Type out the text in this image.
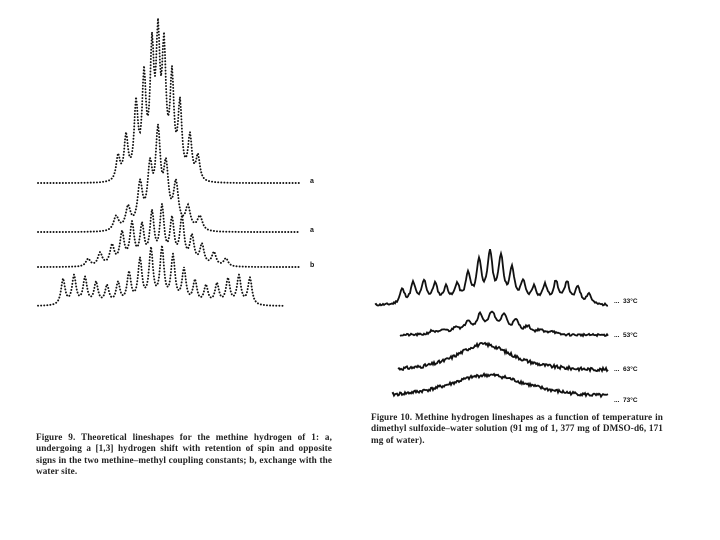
a
a
b
... 33°C
... 53°C
... 63°C
... 73°C
Figure 9. Theoretical lineshapes for the methine hydrogen of 1: a, undergoing a [1,3] hydrogen shift with retention of spin and opposite signs in the two methine–methyl coupling constants; b, exchange with the water site.
Figure 10. Methine hydrogen lineshapes as a function of temperature in dimethyl sulfoxide–water solution (91 mg of 1, 377 mg of DMSO-d6, 171 mg of water).
